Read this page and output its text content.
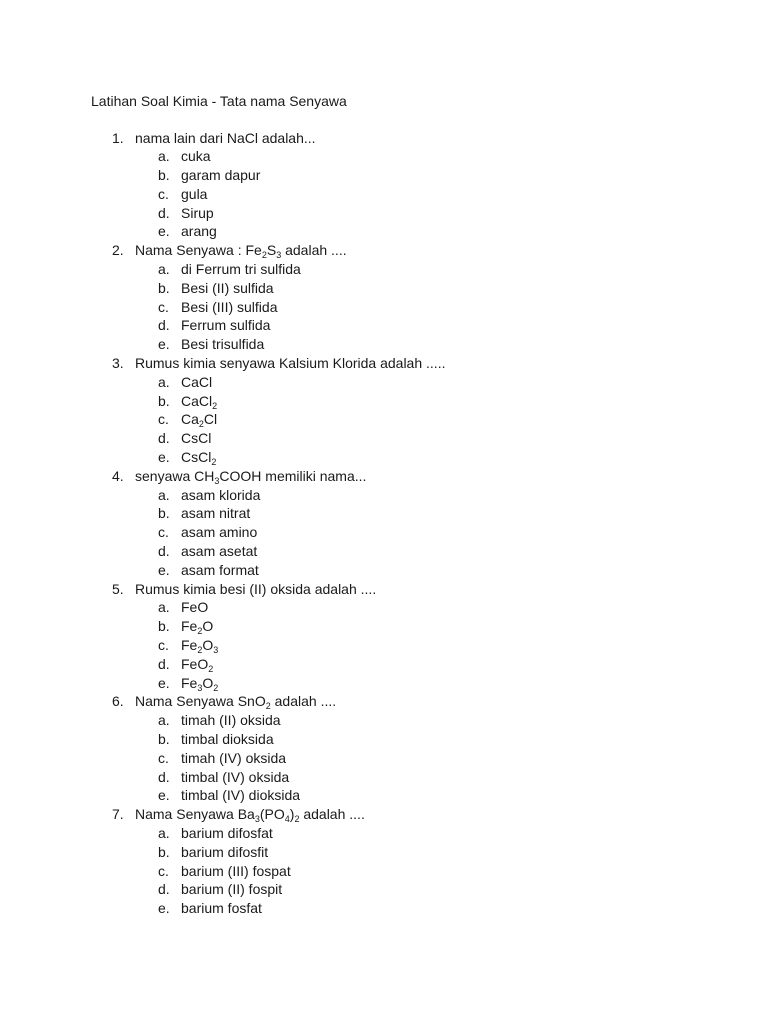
Latihan Soal Kimia - Tata nama Senyawa
1. nama lain dari NaCl adalah...
a. cuka
b. garam dapur
c. gula
d. Sirup
e. arang
2. Nama Senyawa : $Fe_2S_3$ adalah ....
a. di Ferrum tri sulfida
b. Besi (II) sulfida
c. Besi (III) sulfida
d. Ferrum sulfida
e. Besi trisulfida
3. Rumus kimia senyawa Kalsium Klorida adalah .....
a. CaCl
b. CaCl$_2$
c. $Ca_2Cl$
d. CsCl
e. CsCl$_2$
4. senyawa $CH_3COOH$ memiliki nama...
a. asam klorida
b. asam nitrat
c. asam amino
d. asam asetat
e. asam format
5. Rumus kimia besi (II) oksida adalah ....
a. FeO
b. $Fe_2O$
c. $Fe_2O_3$
d. FeO$_2$
e. $Fe_3O_2$
6. Nama Senyawa SnO$_2$ adalah ....
a. timah (II) oksida
b. timbal dioksida
c. timah (IV) oksida
d. timbal (IV) oksida
e. timbal (IV) dioksida
7. Nama Senyawa $Ba_3(PO_4)_2$ adalah ....
a. barium difosfat
b. barium difosfit
c. barium (III) fospat
d. barium (II) fospit
e. barium fosfat
